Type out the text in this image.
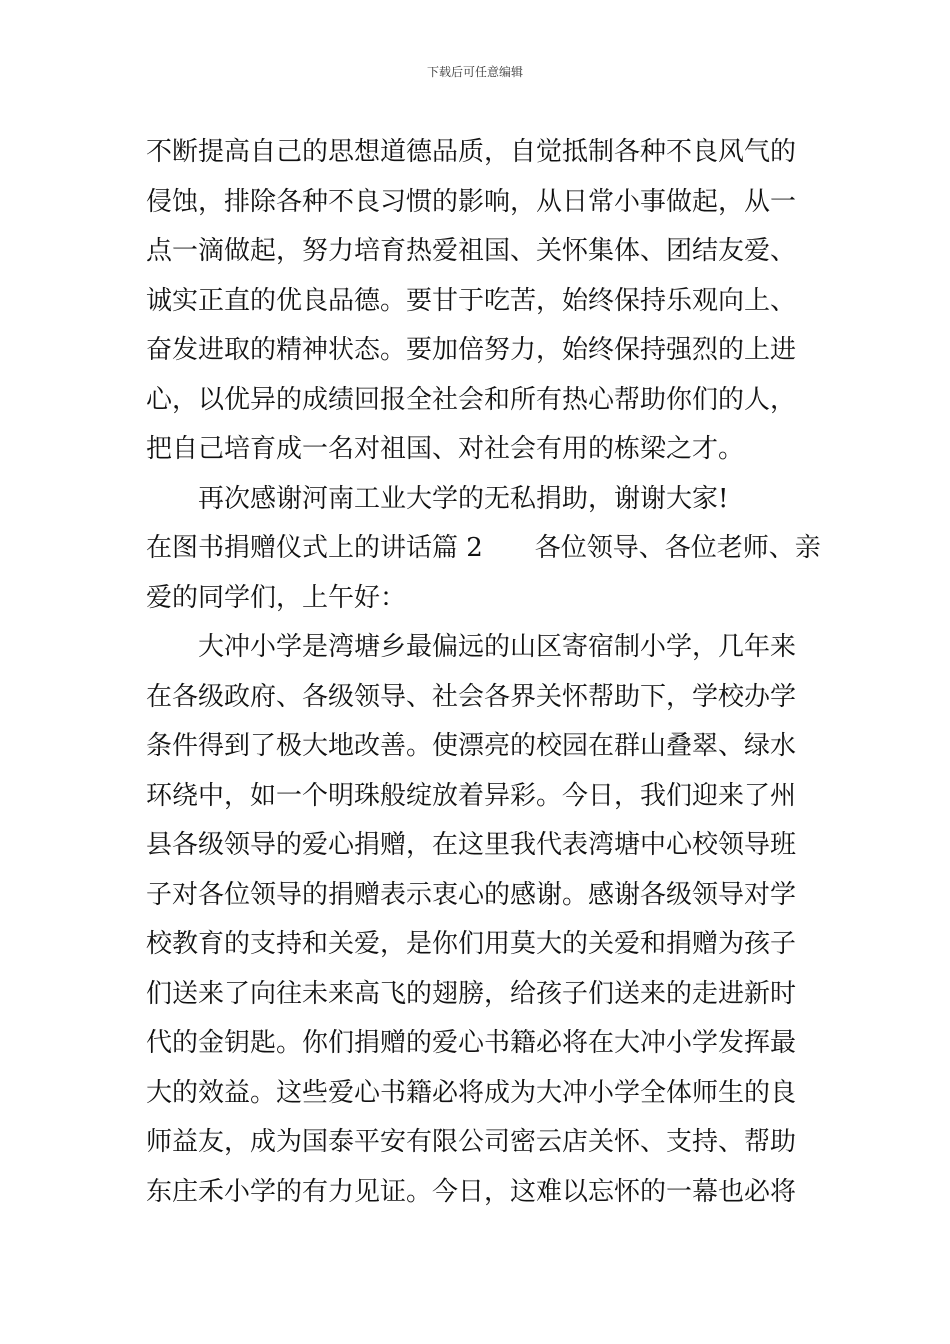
下载后可任意编辑
不断提高自己的思想道德品质，自觉抵制各种不良风气的
侵蚀，排除各种不良习惯的影响，从日常小事做起，从一
点一滴做起，努力培育热爱祖国、关怀集体、团结友爱、
诚实正直的优良品德。要甘于吃苦，始终保持乐观向上、
奋发进取的精神状态。要加倍努力，始终保持强烈的上进
心，以优异的成绩回报全社会和所有热心帮助你们的人，
把自己培育成一名对祖国、对社会有用的栋梁之才。
再次感谢河南工业大学的无私捐助，谢谢大家!
在图书捐赠仪式上的讲话篇 2　　各位领导、各位老师、亲
爱的同学们，上午好：
大冲小学是湾塘乡最偏远的山区寄宿制小学，几年来
在各级政府、各级领导、社会各界关怀帮助下，学校办学
条件得到了极大地改善。使漂亮的校园在群山叠翠、绿水
环绕中，如一个明珠般绽放着异彩。今日，我们迎来了州
县各级领导的爱心捐赠，在这里我代表湾塘中心校领导班
子对各位领导的捐赠表示衷心的感谢。感谢各级领导对学
校教育的支持和关爱，是你们用莫大的关爱和捐赠为孩子
们送来了向往未来高飞的翅膀，给孩子们送来的走进新时
代的金钥匙。你们捐赠的爱心书籍必将在大冲小学发挥最
大的效益。这些爱心书籍必将成为大冲小学全体师生的良
师益友，成为国泰平安有限公司密云店关怀、支持、帮助
东庄禾小学的有力见证。今日，这难以忘怀的一幕也必将
